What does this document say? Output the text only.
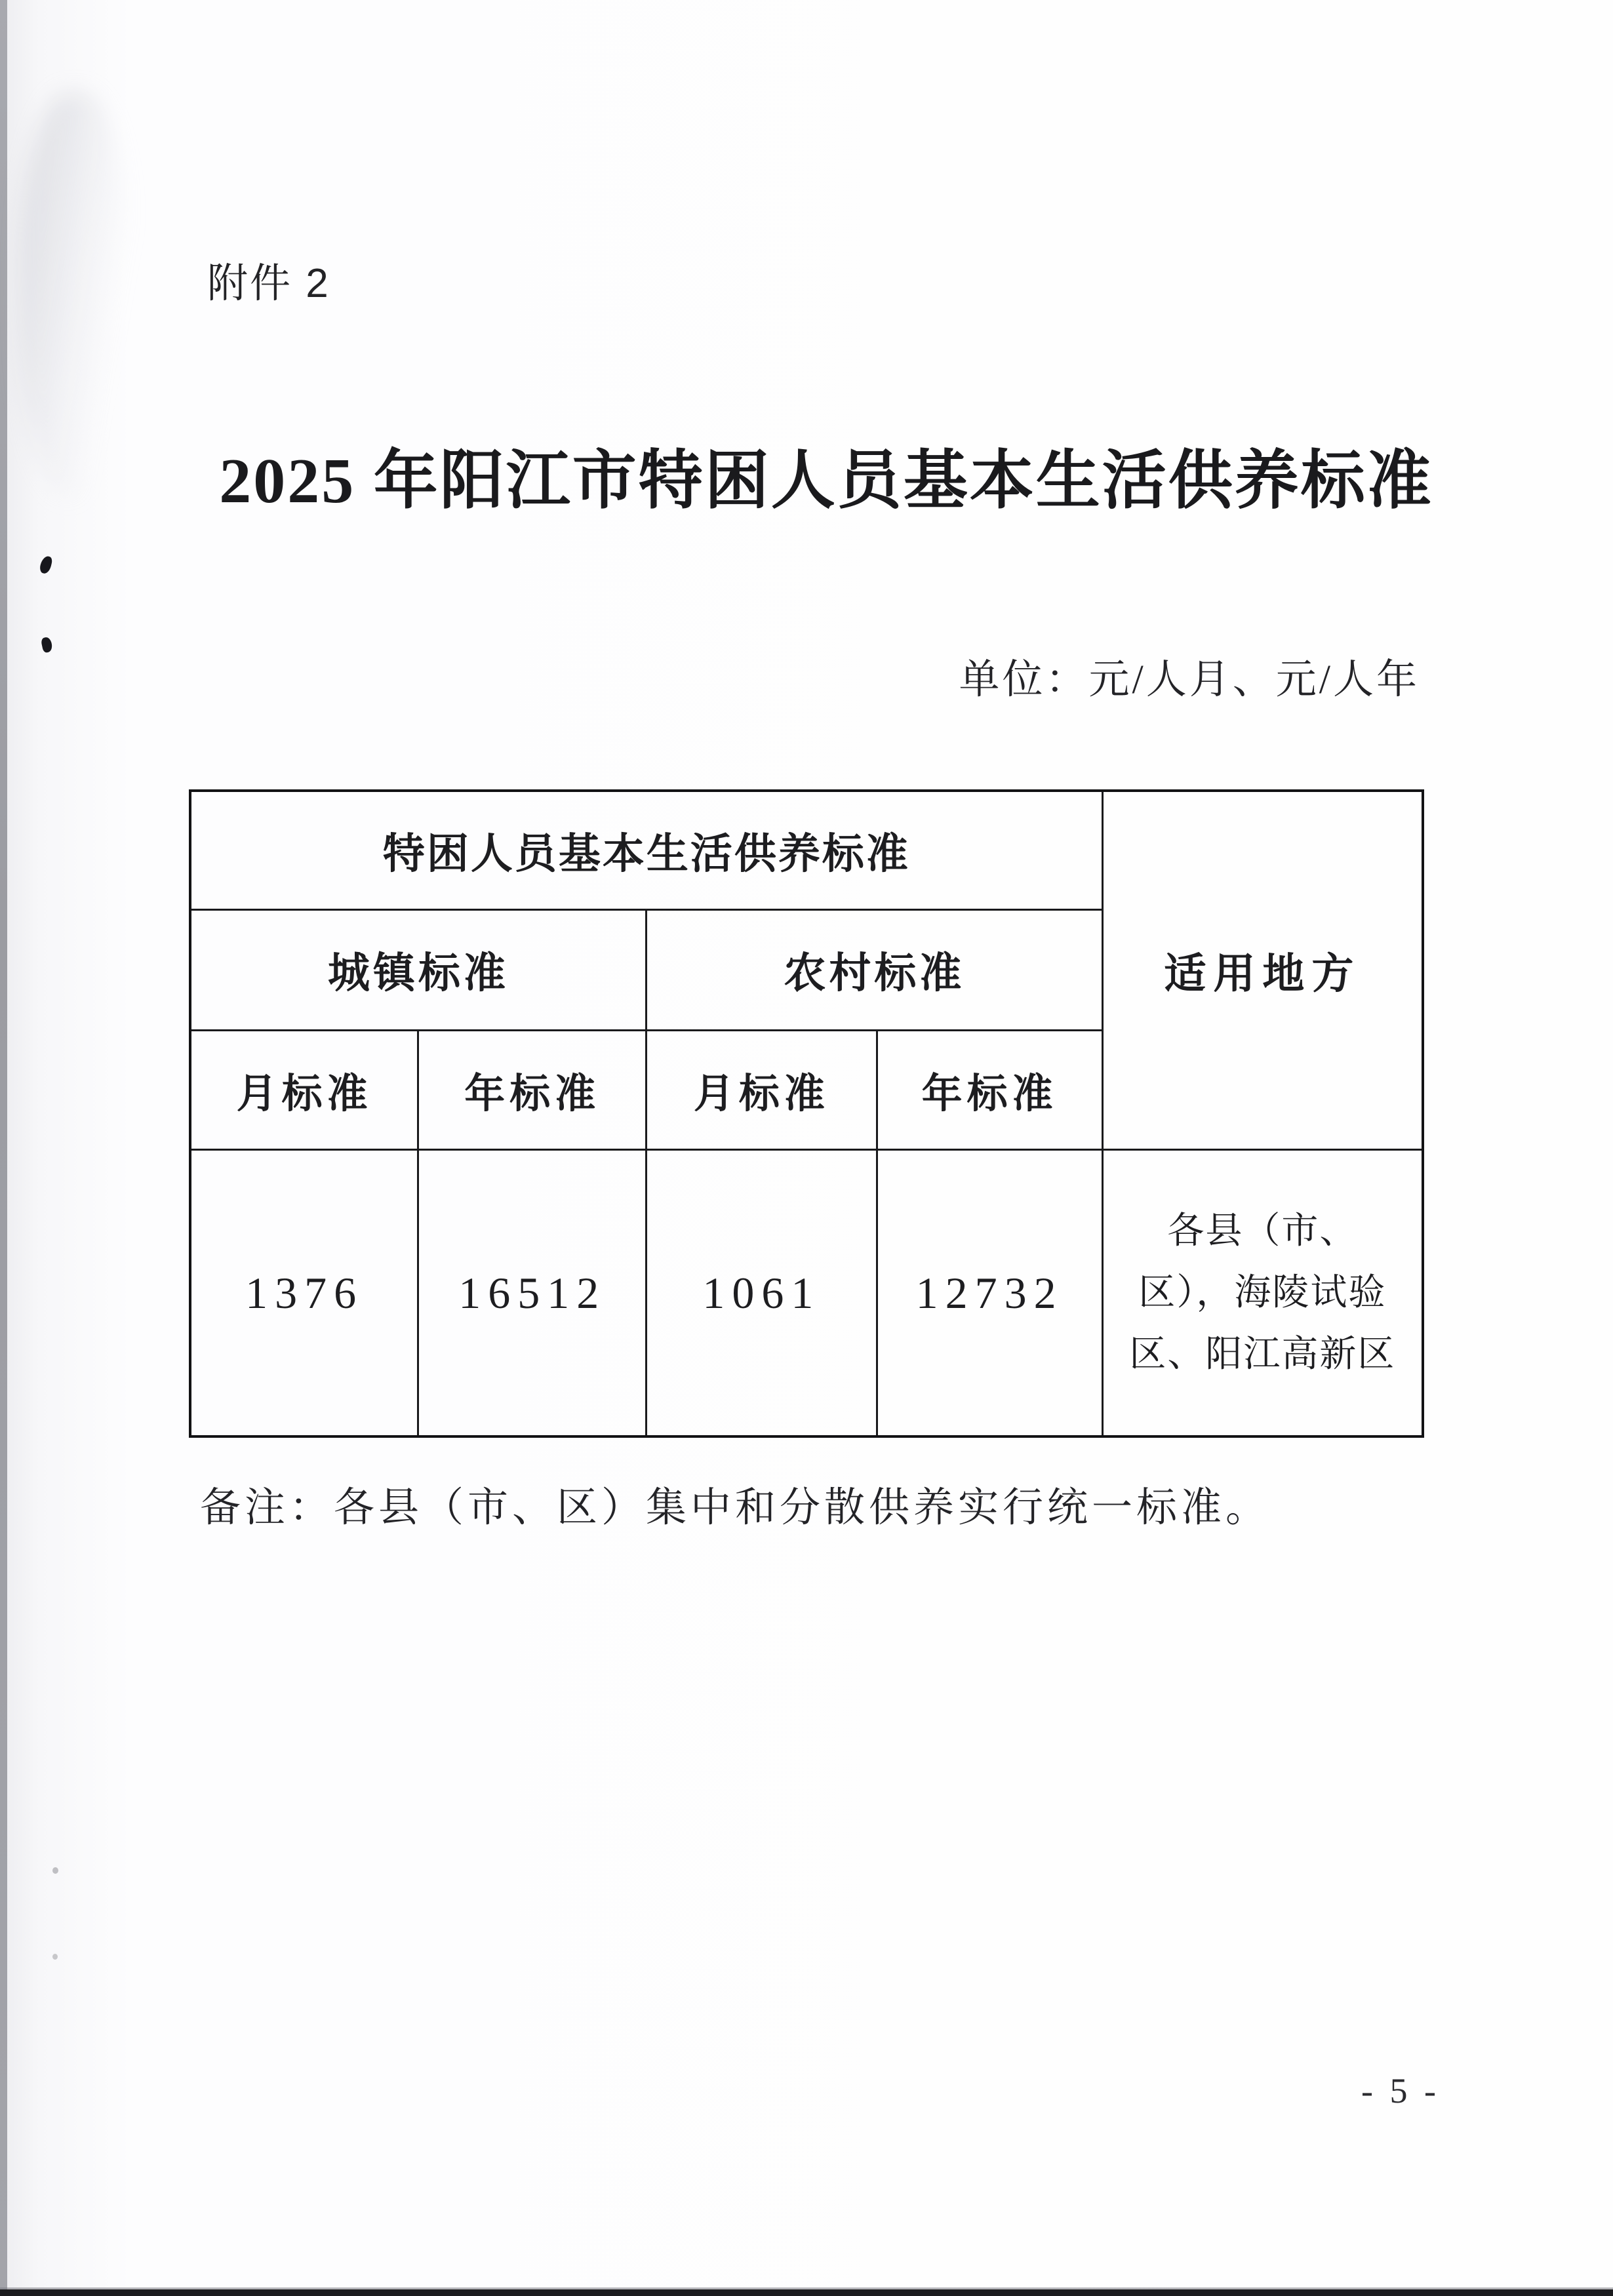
附件 2
2025 年阳江市特困人员基本生活供养标准
单位：元/人月、元/人年
特困人员基本生活供养标准				适用地方
城镇标准		农村标准		
月标准	年标准	月标准	年标准	
1376	16512	1061	12732	各县（市、区），海陵试验区、阳江高新区
备注：各县（市、区）集中和分散供养实行统一标准。
- 5 -
